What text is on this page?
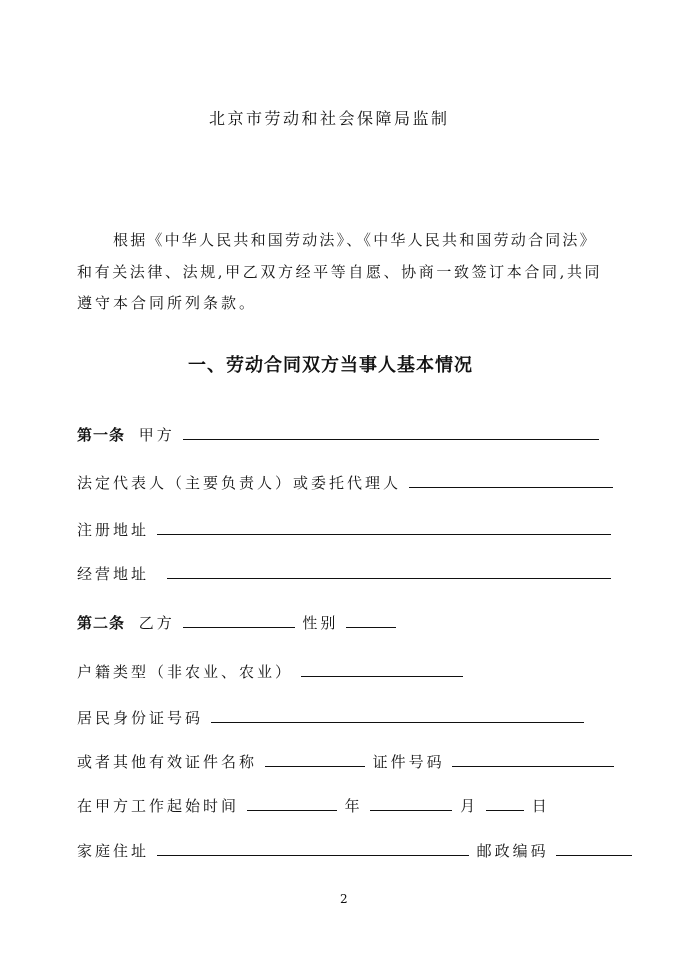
北京市劳动和社会保障局监制
根据《中华人民共和国劳动法》、《中华人民共和国劳动合同法》
和有关法律、法规,甲乙双方经平等自愿、协商一致签订本合同,共同
遵守本合同所列条款。
一、劳动合同双方当事人基本情况
第一条 甲方
法定代表人（主要负责人）或委托代理人
注册地址
经营地址
第二条 乙方	性别
户籍类型（非农业、农业）
居民身份证号码
或者其他有效证件名称	证件号码
在甲方工作起始时间	年	月	日
家庭住址	邮政编码
2
